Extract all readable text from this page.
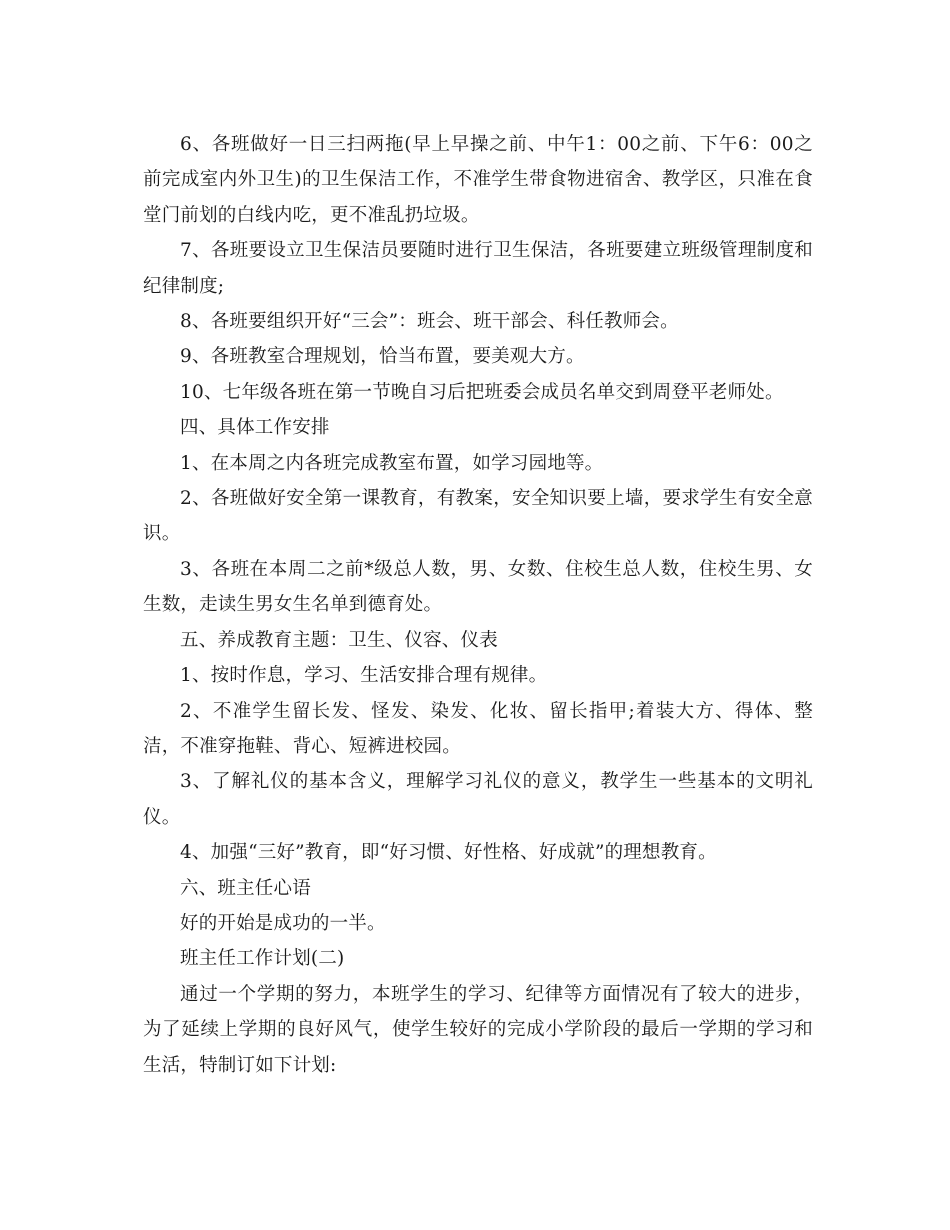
6、各班做好一日三扫两拖(早上早操之前、中午1：00之前、下午6：00之前完成室内外卫生)的卫生保洁工作，不准学生带食物进宿舍、教学区，只准在食堂门前划的白线内吃，更不准乱扔垃圾。

7、各班要设立卫生保洁员要随时进行卫生保洁，各班要建立班级管理制度和纪律制度;

8、各班要组织开好“三会”：班会、班干部会、科任教师会。

9、各班教室合理规划，恰当布置，要美观大方。

10、七年级各班在第一节晚自习后把班委会成员名单交到周登平老师处。

四、具体工作安排

1、在本周之内各班完成教室布置，如学习园地等。

2、各班做好安全第一课教育，有教案，安全知识要上墙，要求学生有安全意识。

3、各班在本周二之前*级总人数，男、女数、住校生总人数，住校生男、女生数，走读生男女生名单到德育处。

五、养成教育主题：卫生、仪容、仪表

1、按时作息，学习、生活安排合理有规律。

2、不准学生留长发、怪发、染发、化妆、留长指甲;着装大方、得体、整洁，不准穿拖鞋、背心、短裤进校园。

3、了解礼仪的基本含义，理解学习礼仪的意义，教学生一些基本的文明礼仪。

4、加强“三好”教育，即“好习惯、好性格、好成就”的理想教育。

六、班主任心语

好的开始是成功的一半。

班主任工作计划(二)

通过一个学期的努力，本班学生的学习、纪律等方面情况有了较大的进步，为了延续上学期的良好风气，使学生较好的完成小学阶段的最后一学期的学习和生活，特制订如下计划:
